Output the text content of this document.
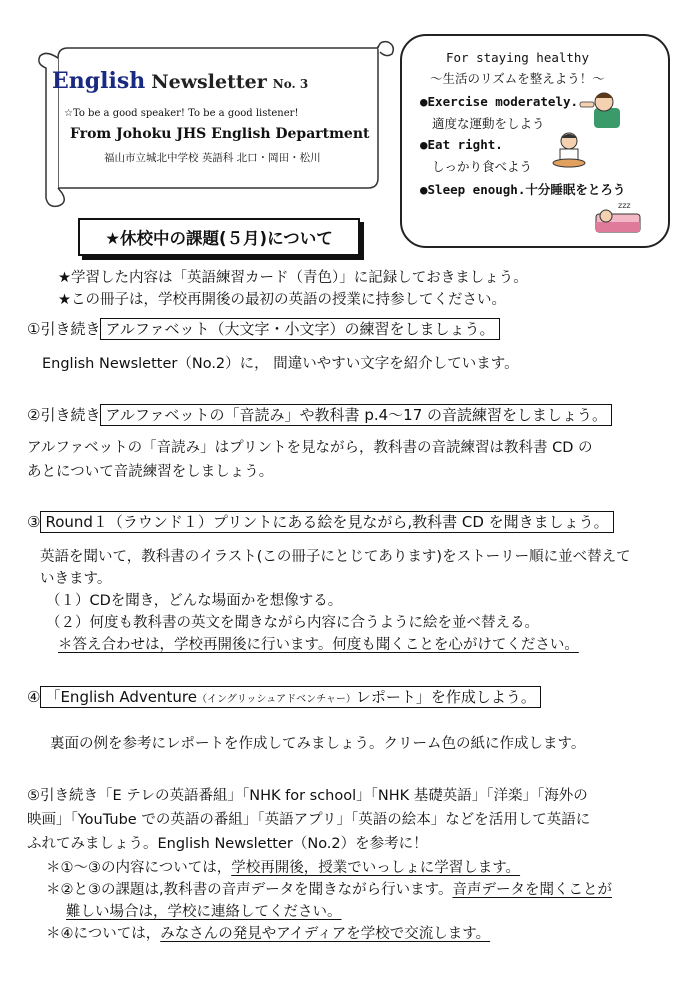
English Newsletter No. 3
☆To be a good speaker! To be a good listener!
From Johoku JHS English Department
福山市立城北中学校 英語科 北口・岡田・松川
For staying healthy
～生活のリズムを整えよう！～
●Exercise moderately.
適度な運動をしよう
●Eat right.
しっかり食べよう
●Sleep enough.十分睡眠をとろう
zzz
★休校中の課題(５月)について
★学習した内容は「英語練習カード（青色）」に記録しておきましょう。
★この冊子は，学校再開後の最初の英語の授業に持参してください。
①引き続き アルファベット（大文字・小文字）の練習をしましょう。
English Newsletter（No.2）に， 間違いやすい文字を紹介しています。
②引き続き アルファベットの「音読み」や教科書 p.4～17 の音読練習をしましょう。
アルファベットの「音読み」はプリントを見ながら，教科書の音読練習は教科書 CD の
あとについて音読練習をしましょう。
③ Round１（ラウンド１）プリントにある絵を見ながら,教科書 CD を聞きましょう。
英語を聞いて，教科書のイラスト(この冊子にとじてあります)をストーリー順に並べ替えて
いきます。
（１）CDを聞き，どんな場面かを想像する。
（２）何度も教科書の英文を聞きながら内容に合うように絵を並べ替える。
＊答え合わせは，学校再開後に行います。何度も聞くことを心がけてください。
④ 「English Adventure（イングリッシュアドベンチャー）レポート」を作成しよう。
裏面の例を参考にレポートを作成してみましょう。クリーム色の紙に作成します。
⑤引き続き「E テレの英語番組」「NHK for school」「NHK 基礎英語」「洋楽」「海外の
映画」「YouTube での英語の番組」「英語アプリ」「英語の絵本」などを活用して英語に
ふれてみましょう。English Newsletter（No.2）を参考に！
＊①～③の内容については，学校再開後，授業でいっしょに学習します。
＊②と③の課題は,教科書の音声データを聞きながら行います。音声データを聞くことが
難しい場合は，学校に連絡してください。
＊④については，みなさんの発見やアイディアを学校で交流します。
